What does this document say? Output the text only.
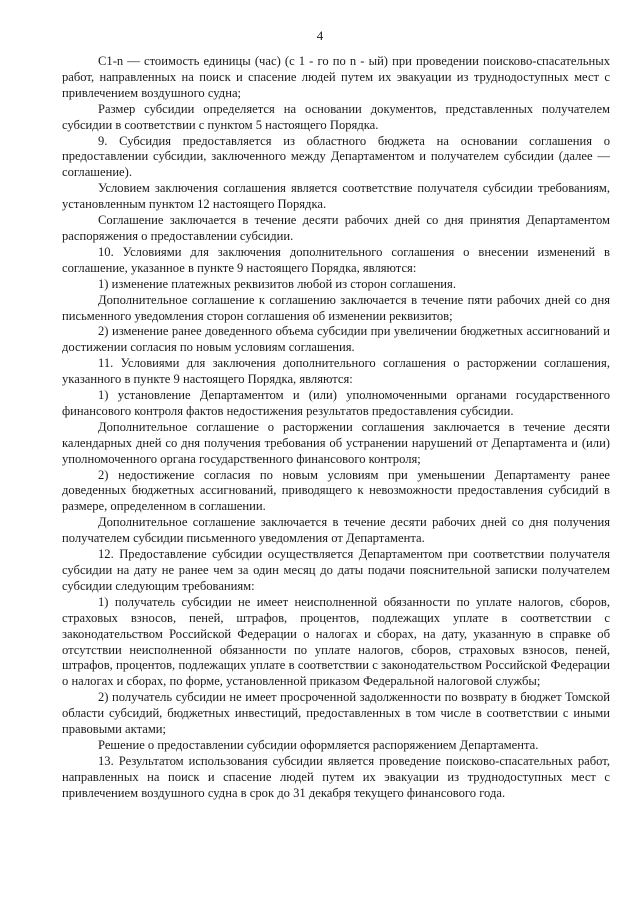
4

C1-n — стоимость единицы (час) (с 1 - го по n - ый) при проведении поисково-спасательных работ, направленных на поиск и спасение людей путем их эвакуации из труднодоступных мест с привлечением воздушного судна;

Размер субсидии определяется на основании документов, представленных получателем субсидии в соответствии с пунктом 5 настоящего Порядка.

9. Субсидия предоставляется из областного бюджета на основании соглашения о предоставлении субсидии, заключенного между Департаментом и получателем субсидии (далее — соглашение).

Условием заключения соглашения является соответствие получателя субсидии требованиям, установленным пунктом 12 настоящего Порядка.

Соглашение заключается в течение десяти рабочих дней со дня принятия Департаментом распоряжения о предоставлении субсидии.

10. Условиями для заключения дополнительного соглашения о внесении изменений в соглашение, указанное в пункте 9 настоящего Порядка, являются:

1) изменение платежных реквизитов любой из сторон соглашения.

Дополнительное соглашение к соглашению заключается в течение пяти рабочих дней со дня письменного уведомления сторон соглашения об изменении реквизитов;

2) изменение ранее доведенного объема субсидии при увеличении бюджетных ассигнований и достижении согласия по новым условиям соглашения.

11. Условиями для заключения дополнительного соглашения о расторжении соглашения, указанного в пункте 9 настоящего Порядка, являются:

1) установление Департаментом и (или) уполномоченными органами государственного финансового контроля фактов недостижения результатов предоставления субсидии.

Дополнительное соглашение о расторжении соглашения заключается в течение десяти календарных дней со дня получения требования об устранении нарушений от Департамента и (или) уполномоченного органа государственного финансового контроля;

2) недостижение согласия по новым условиям при уменьшении Департаменту ранее доведенных бюджетных ассигнований, приводящего к невозможности предоставления субсидий в размере, определенном в соглашении.

Дополнительное соглашение заключается в течение десяти рабочих дней со дня получения получателем субсидии письменного уведомления от Департамента.

12. Предоставление субсидии осуществляется Департаментом при соответствии получателя субсидии на дату не ранее чем за один месяц до даты подачи пояснительной записки получателем субсидии следующим требованиям:

1) получатель субсидии не имеет неисполненной обязанности по уплате налогов, сборов, страховых взносов, пеней, штрафов, процентов, подлежащих уплате в соответствии с законодательством Российской Федерации о налогах и сборах, на дату, указанную в справке об отсутствии неисполненной обязанности по уплате налогов, сборов, страховых взносов, пеней, штрафов, процентов, подлежащих уплате в соответствии с законодательством Российской Федерации о налогах и сборах, по форме, установленной приказом Федеральной налоговой службы;

2) получатель субсидии не имеет просроченной задолженности по возврату в бюджет Томской области субсидий, бюджетных инвестиций, предоставленных в том числе в соответствии с иными правовыми актами;

Решение о предоставлении субсидии оформляется распоряжением Департамента.

13. Результатом использования субсидии является проведение поисково-спасательных работ, направленных на поиск и спасение людей путем их эвакуации из труднодоступных мест с привлечением воздушного судна в срок до 31 декабря текущего финансового года.
